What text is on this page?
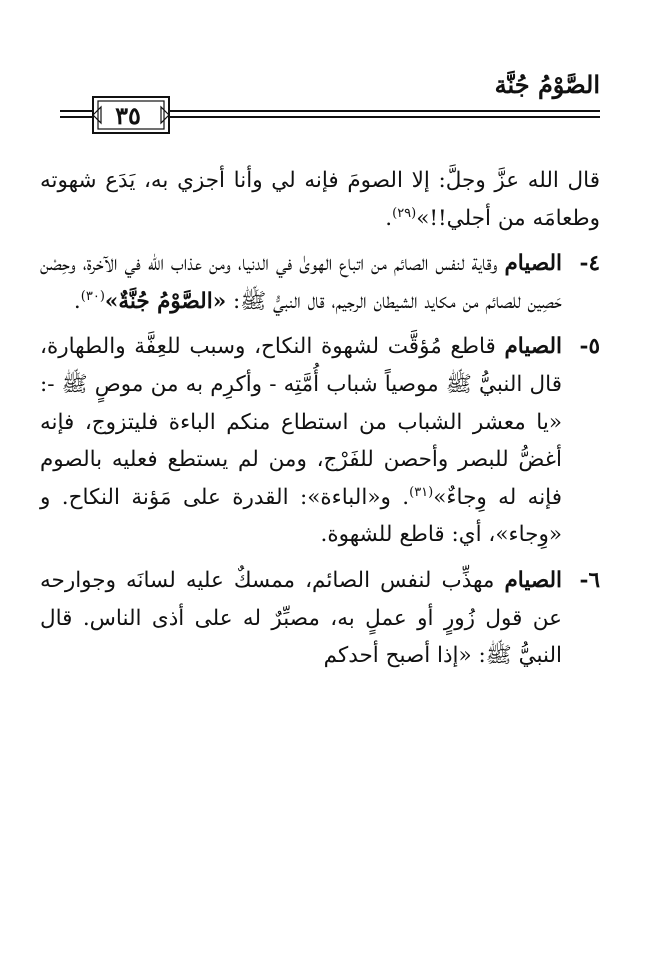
الصَّوْمُ جُنَّة
٣٥

قال الله عزَّ وجلَّ: إلا الصومَ فإنه لي وأنا أجزي به، يَدَع شهوته وطعامَه من أجلي!!»$^{(٢٩)}$.

٤-
الصيام وقاية لنفس الصائم من اتباع الهوىٰ في الدنيا، ومن عذاب الله في الآخرة، وحِصْن حَصِين للصائم من مكايد الشيطان الرجيم، قال النبيُّ ﷺ: «الصَّوْمُ جُنَّةٌ»$^{(٣٠)}$.
٥-
الصيام قاطع مُؤقَّت لشهوة النكاح، وسبب للعِفَّة والطهارة، قال النبيُّ ﷺ موصياً شباب أُمَّتِه - وأكرِم به من موصٍ ﷺ -: «يا معشر الشباب من استطاع منكم الباءة فليتزوج، فإنه أغضُّ للبصر وأحصن للفَرْج، ومن لم يستطع فعليه بالصوم فإنه له وِجاءٌ»$^{(٣١)}$. و«الباءة»: القدرة على مَؤنة النكاح. و «وِجاء»، أي: قاطع للشهوة.
٦-
الصيام مهذِّب لنفس الصائم، ممسكٌ عليه لسانَه وجوارحه عن قول زُورٍ أو عملٍ به، مصبِّرٌ له على أذى الناس. قال النبيُّ ﷺ: «إذا أصبح أحدكم
